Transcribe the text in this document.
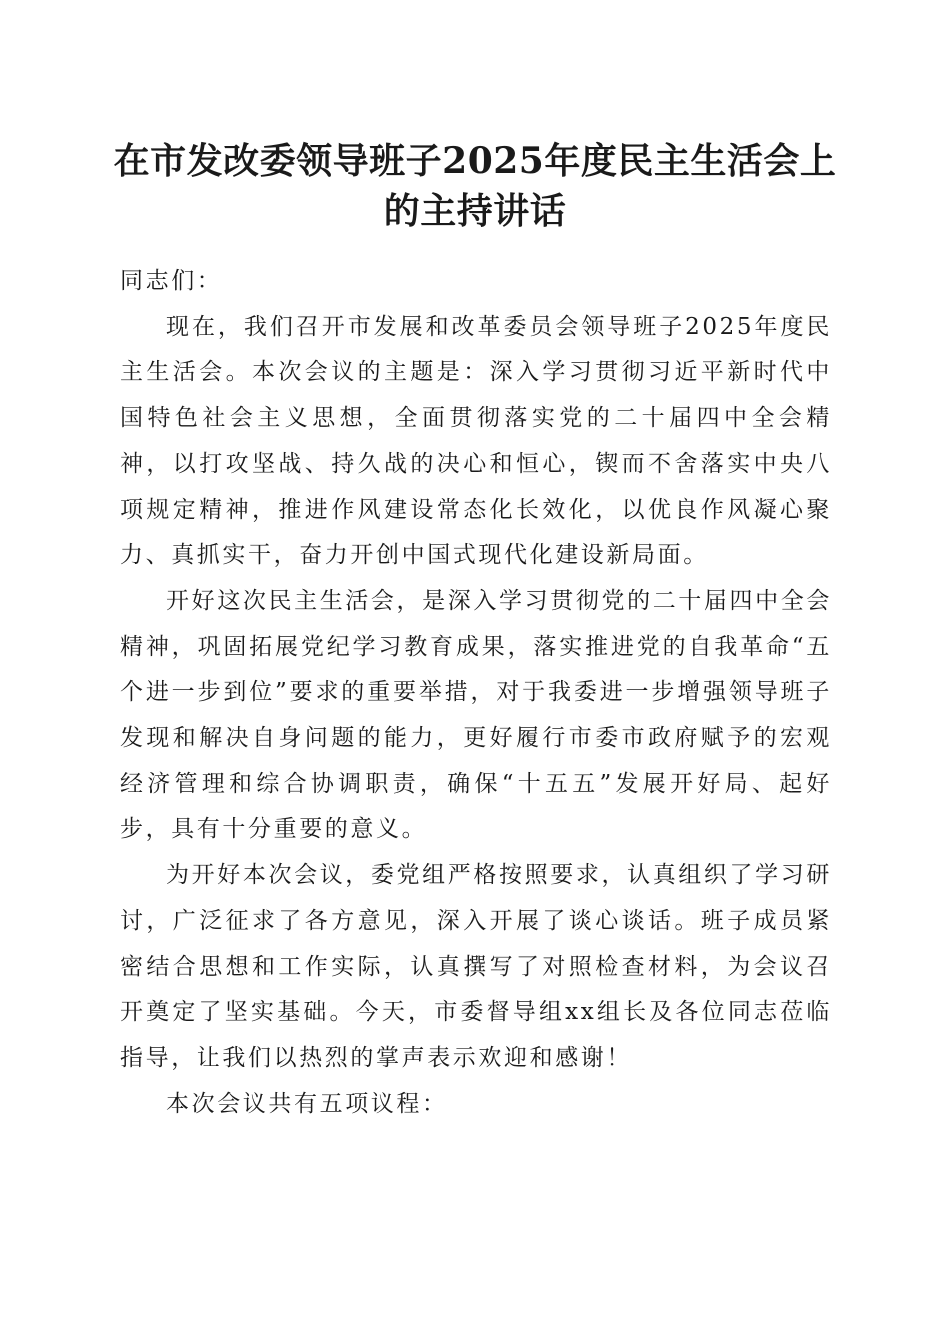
在市发改委领导班子2025年度民主生活会上
的主持讲话

同志们：

现在，我们召开市发展和改革委员会领导班子2025年度民主生活会。本次会议的主题是：深入学习贯彻习近平新时代中国特色社会主义思想，全面贯彻落实党的二十届四中全会精神，以打攻坚战、持久战的决心和恒心，锲而不舍落实中央八项规定精神，推进作风建设常态化长效化，以优良作风凝心聚力、真抓实干，奋力开创中国式现代化建设新局面。

开好这次民主生活会，是深入学习贯彻党的二十届四中全会精神，巩固拓展党纪学习教育成果，落实推进党的自我革命“五个进一步到位”要求的重要举措，对于我委进一步增强领导班子发现和解决自身问题的能力，更好履行市委市政府赋予的宏观经济管理和综合协调职责，确保“十五五”发展开好局、起好步，具有十分重要的意义。

为开好本次会议，委党组严格按照要求，认真组织了学习研讨，广泛征求了各方意见，深入开展了谈心谈话。班子成员紧密结合思想和工作实际，认真撰写了对照检查材料，为会议召开奠定了坚实基础。今天，市委督导组xx组长及各位同志莅临指导，让我们以热烈的掌声表示欢迎和感谢！

本次会议共有五项议程：
